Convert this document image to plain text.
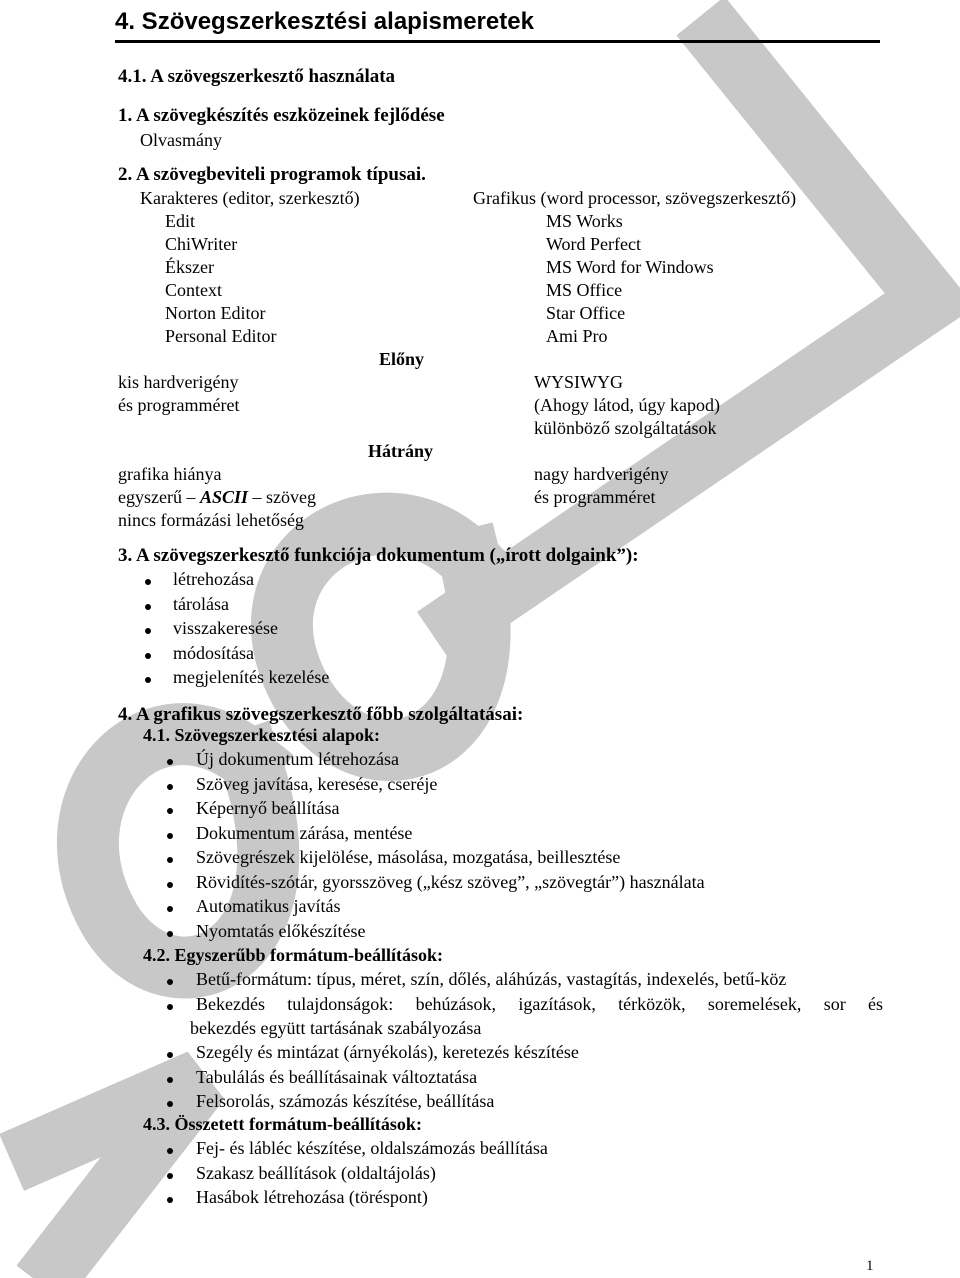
4. Szövegszerkesztési alapismeretek
4.1. A szövegszerkesztő használata
1. A szövegkészítés eszközeinek fejlődése
Olvasmány
2. A szövegbeviteli programok típusai.
Karakteres (editor, szerkesztő)	Grafikus (word processor, szövegszerkesztő)
Edit
ChiWriter
Ékszer
Context
Norton Editor
Personal Editor
MS Works
Word Perfect
MS Word for Windows
MS Office
Star Office
Ami Pro
Előny
kis hardverigény
és programméret
WYSIWYG
(Ahogy látod, úgy kapod)
különböző szolgáltatások
Hátrány
grafika hiánya
egyszerű – ASCII – szöveg
nincs formázási lehetőség
nagy hardverigény
és programméret
3. A szövegszerkesztő funkciója dokumentum („írott dolgaink”):
létrehozása
tárolása
visszakeresése
módosítása
megjelenítés kezelése
4. A grafikus szövegszerkesztő főbb szolgáltatásai:
4.1. Szövegszerkesztési alapok:
Új dokumentum létrehozása
Szöveg javítása, keresése, cseréje
Képernyő beállítása
Dokumentum zárása, mentése
Szövegrészek kijelölése, másolása, mozgatása, beillesztése
Rövidítés-szótár, gyorsszöveg („kész szöveg”, „szövegtár”) használata
Automatikus javítás
Nyomtatás előkészítése
4.2. Egyszerűbb formátum-beállítások:
Betű-formátum: típus, méret, szín, dőlés, aláhúzás, vastagítás, indexelés, betű-köz
Bekezdés tulajdonságok: behúzások, igazítások, térközök, soremelések, sor és
bekezdés együtt tartásának szabályozása
Szegély és mintázat (árnyékolás), keretezés készítése
Tabulálás és beállításainak változtatása
Felsorolás, számozás készítése, beállítása
4.3. Összetett formátum-beállítások:
Fej- és lábléc készítése, oldalszámozás beállítása
Szakasz beállítások (oldaltájolás)
Hasábok létrehozása (töréspont)
1
